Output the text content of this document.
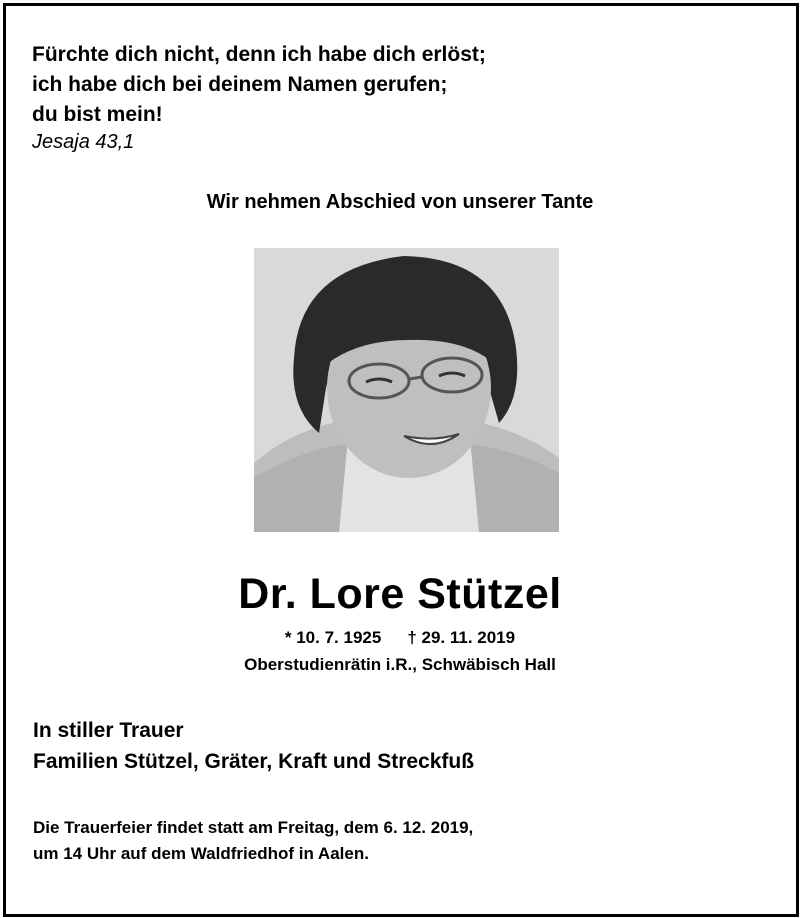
Fürchte dich nicht, denn ich habe dich erlöst;
ich habe dich bei deinem Namen gerufen;
du bist mein!
Jesaja 43,1
Wir nehmen Abschied von unserer Tante
Dr. Lore Stützel
* 10. 7. 1925 † 29. 11. 2019
Oberstudienrätin i.R., Schwäbisch Hall
In stiller Trauer
Familien Stützel, Gräter, Kraft und Streckfuß
Die Trauerfeier findet statt am Freitag, dem 6. 12. 2019,
um 14 Uhr auf dem Waldfriedhof in Aalen.
